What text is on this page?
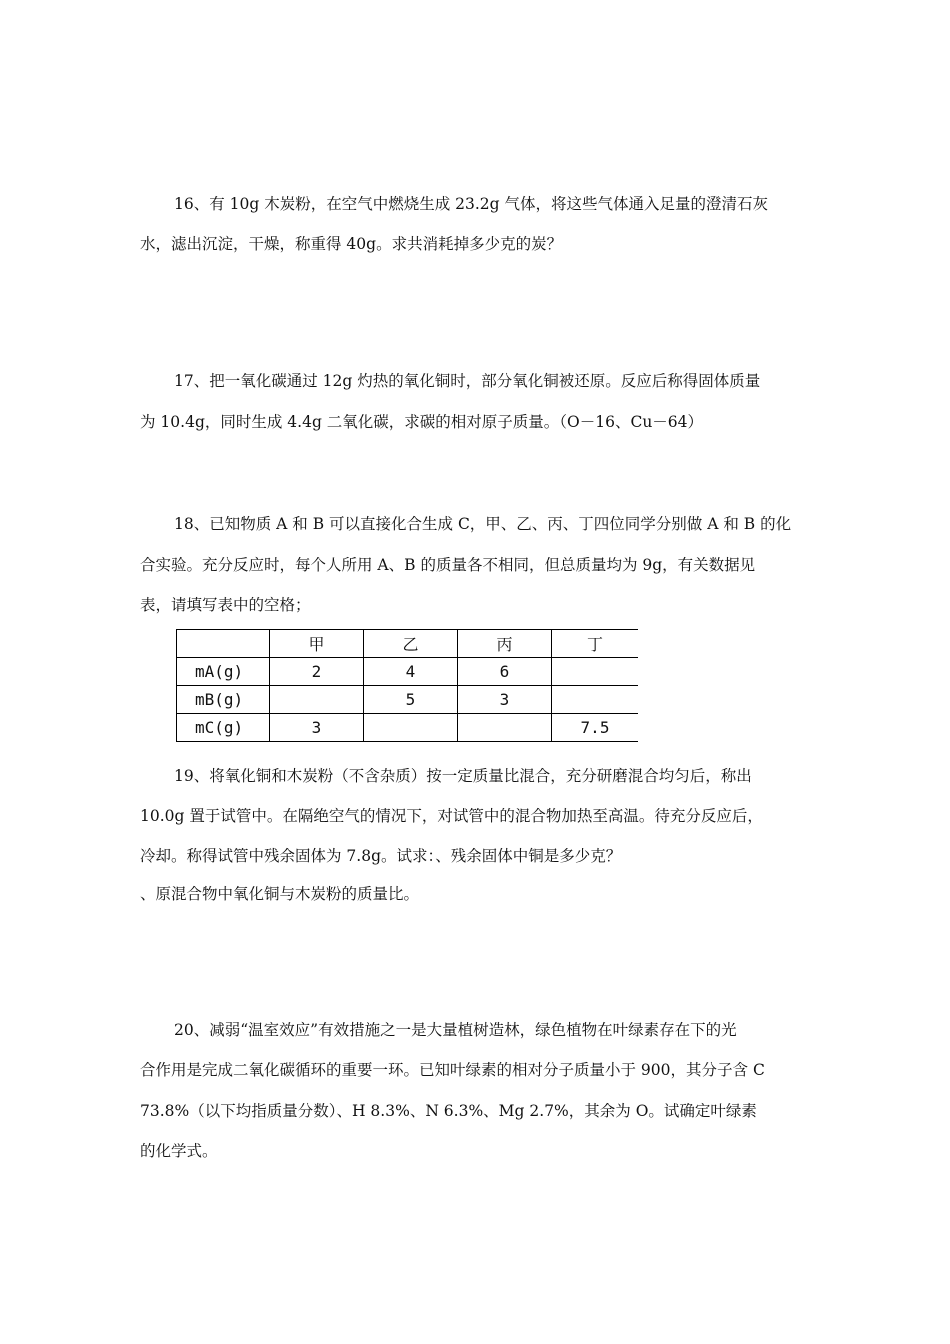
16、有 10g 木炭粉，在空气中燃烧生成 23.2g 气体，将这些气体通入足量的澄清石灰
水，滤出沉淀，干燥，称重得 40g。求共消耗掉多少克的炭？
17、把一氧化碳通过 12g 灼热的氧化铜时，部分氧化铜被还原。反应后称得固体质量
为 10.4g，同时生成 4.4g 二氧化碳，求碳的相对原子质量。（O－16、Cu－64）
18、已知物质 A 和 B 可以直接化合生成 C，甲、乙、丙、丁四位同学分别做 A 和 B 的化
合实验。充分反应时，每个人所用 A、B 的质量各不相同，但总质量均为 9g，有关数据见
表，请填写表中的空格；
	甲	乙	丙	丁
mA(g)	2	4	6	
mB(g)		5	3	
mC(g)	3			7.5
19、将氧化铜和木炭粉（不含杂质）按一定质量比混合，充分研磨混合均匀后，称出
10.0g 置于试管中。在隔绝空气的情况下，对试管中的混合物加热至高温。待充分反应后，
冷却。称得试管中残余固体为 7.8g。试求：、残余固体中铜是多少克？
、原混合物中氧化铜与木炭粉的质量比。
20、减弱“温室效应”有效措施之一是大量植树造林，绿色植物在叶绿素存在下的光
合作用是完成二氧化碳循环的重要一环。已知叶绿素的相对分子质量小于 900，其分子含 C
73.8%（以下均指质量分数）、H 8.3%、N 6.3%、Mg 2.7%，其余为 O。试确定叶绿素
的化学式。
